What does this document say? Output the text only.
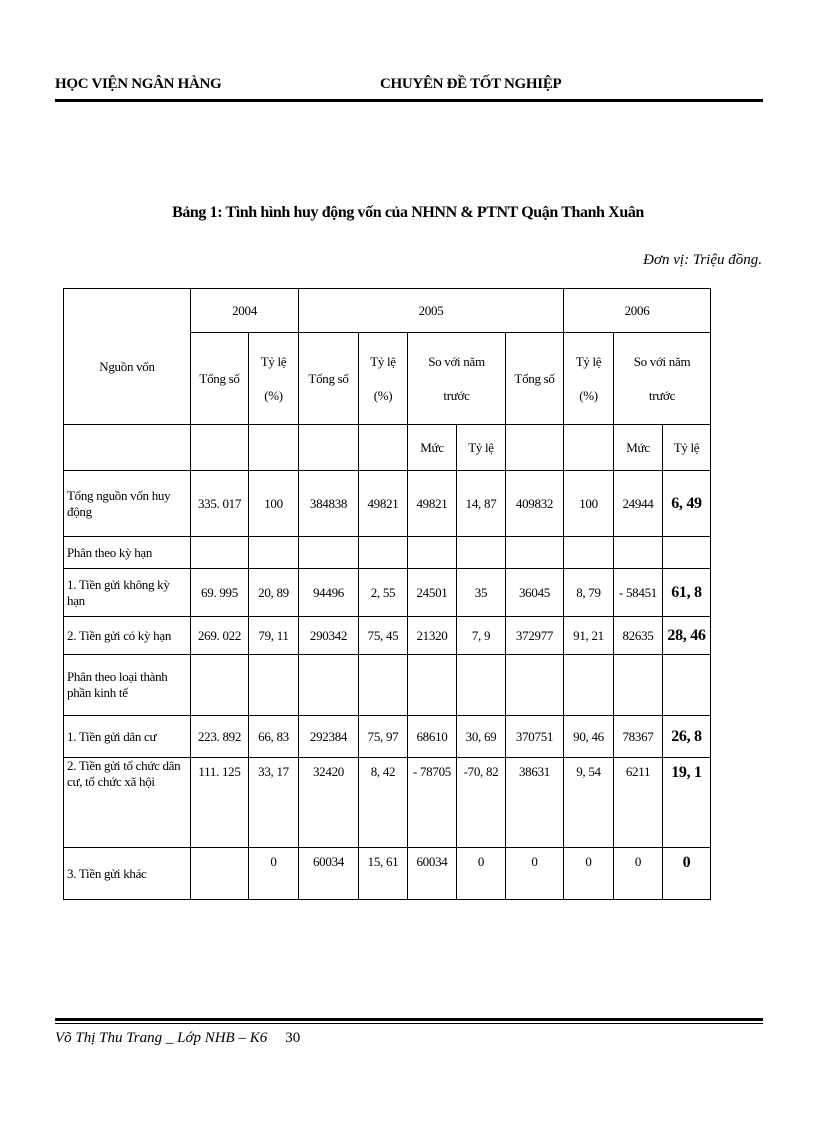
HỌC VIỆN NGÂN HÀNG	CHUYÊN ĐỀ TỐT NGHIỆP
Bảng 1: Tình hình huy động vốn của NHNN & PTNT Quận Thanh Xuân
Đơn vị: Triệu đồng.
Nguồn vốn	2004		2005					2006		
	Tổng số	Tỷ lệ (%)	Tổng số	Tỷ lệ (%)	So với năm trước		Tổng số	Tỷ lệ (%)	So với năm trước	
					Mức	Tỷ lệ			Mức	Tỷ lệ
Tổng nguồn vốn huy động	335. 017	100	384838	49821	49821	14, 87	409832	100	24944	6, 49
Phân theo kỳ hạn										
1. Tiền gửi không kỳ hạn	69. 995	20, 89	94496	2, 55	24501	35	36045	8, 79	- 58451	61, 8
2. Tiền gửi có kỳ hạn	269. 022	79, 11	290342	75, 45	21320	7, 9	372977	91, 21	82635	28, 46
Phân theo loại thành phần kinh tế										
1. Tiền gửi dân cư	223. 892	66, 83	292384	75, 97	68610	30, 69	370751	90, 46	78367	26, 8
2. Tiền gửi tổ chức dân cư, tổ chức xã hội	111. 125	33, 17	32420	8, 42	- 78705	-70, 82	38631	9, 54	6211	19, 1
3. Tiền gửi khác		0	60034	15, 61	60034	0	0	0	0	0
Võ Thị Thu Trang _ Lớp NHB – K6 30
